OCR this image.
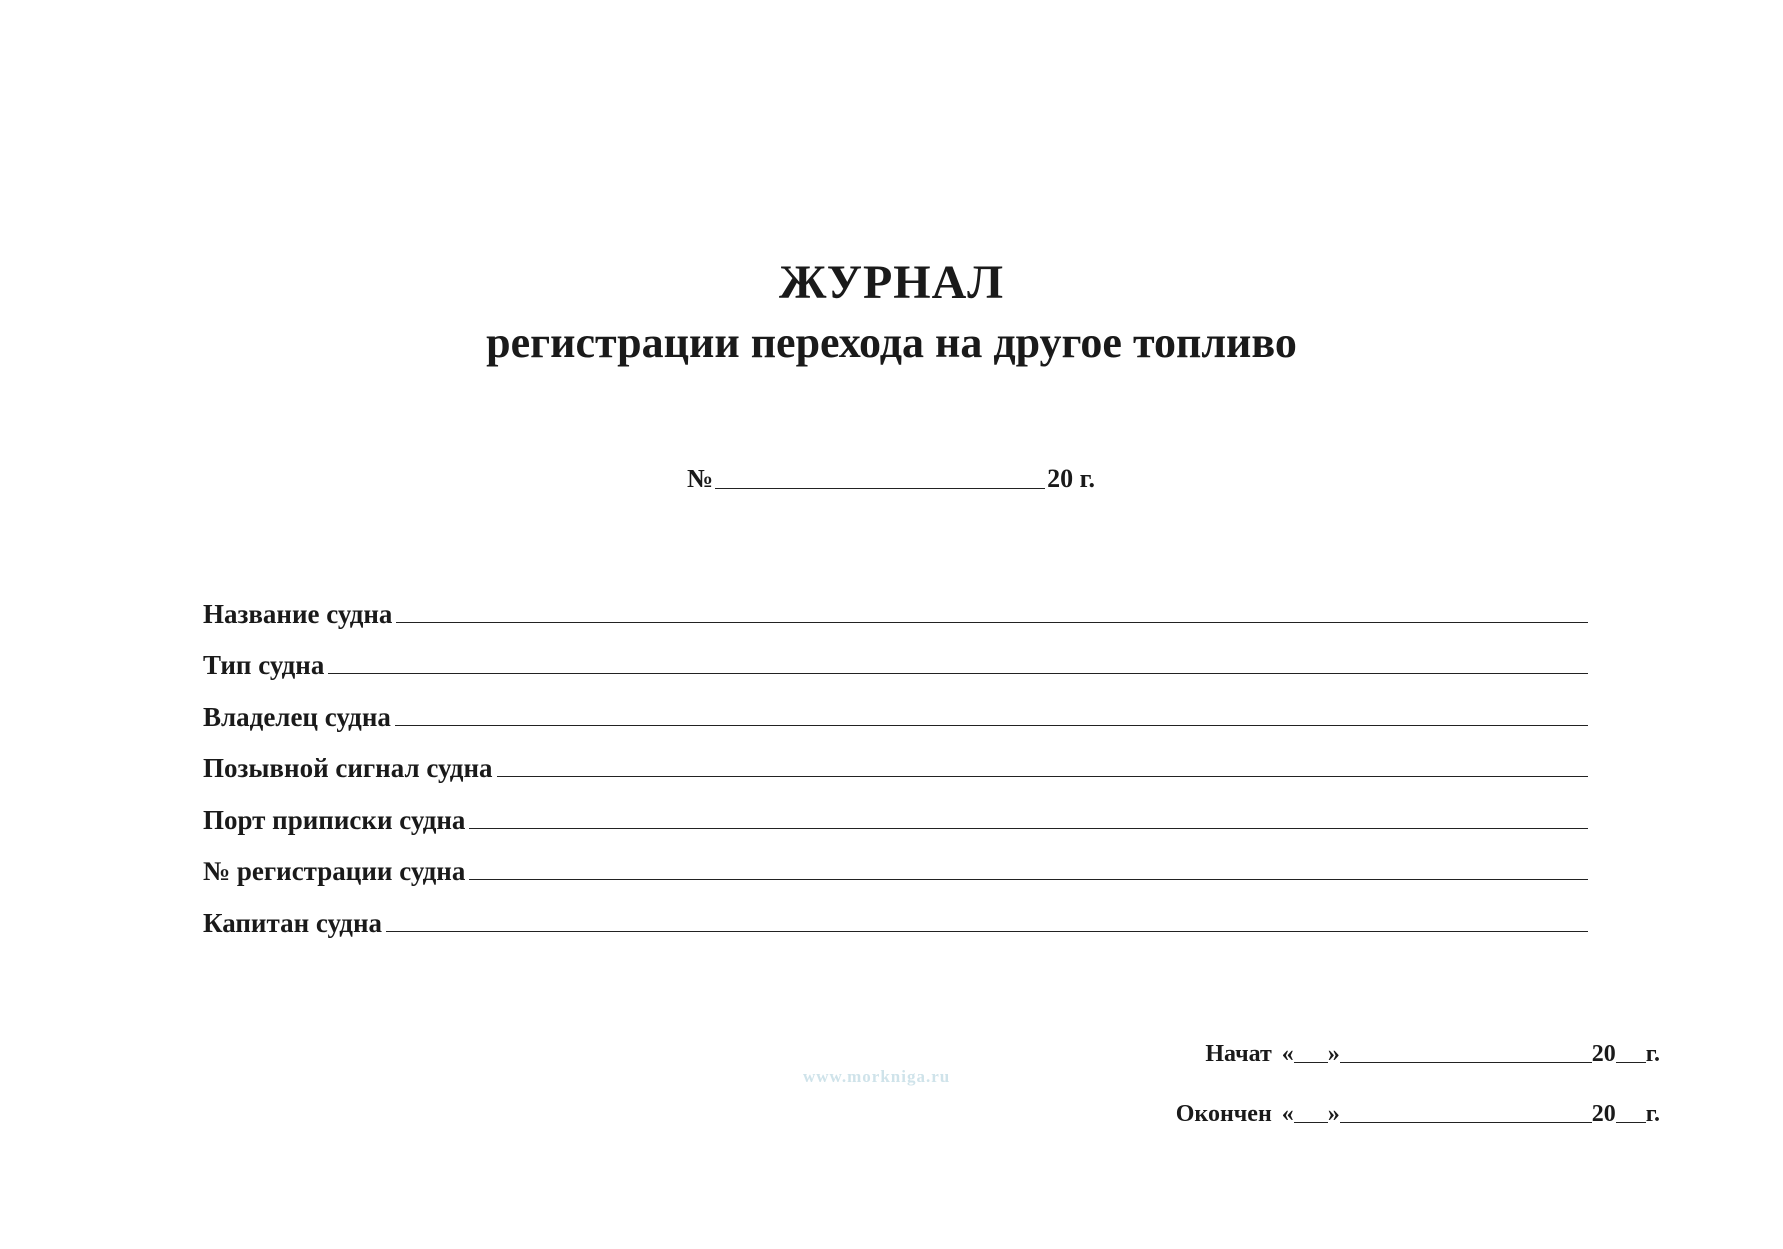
ЖУРНАЛ
регистрации перехода на другое топливо
№	20 г.
Название судна
Тип судна
Владелец судна
Позывной сигнал судна
Порт приписки судна
№ регистрации судна
Капитан судна
Начат « »	20 г.
Окончен « »	20 г.
www.morkniga.ru
